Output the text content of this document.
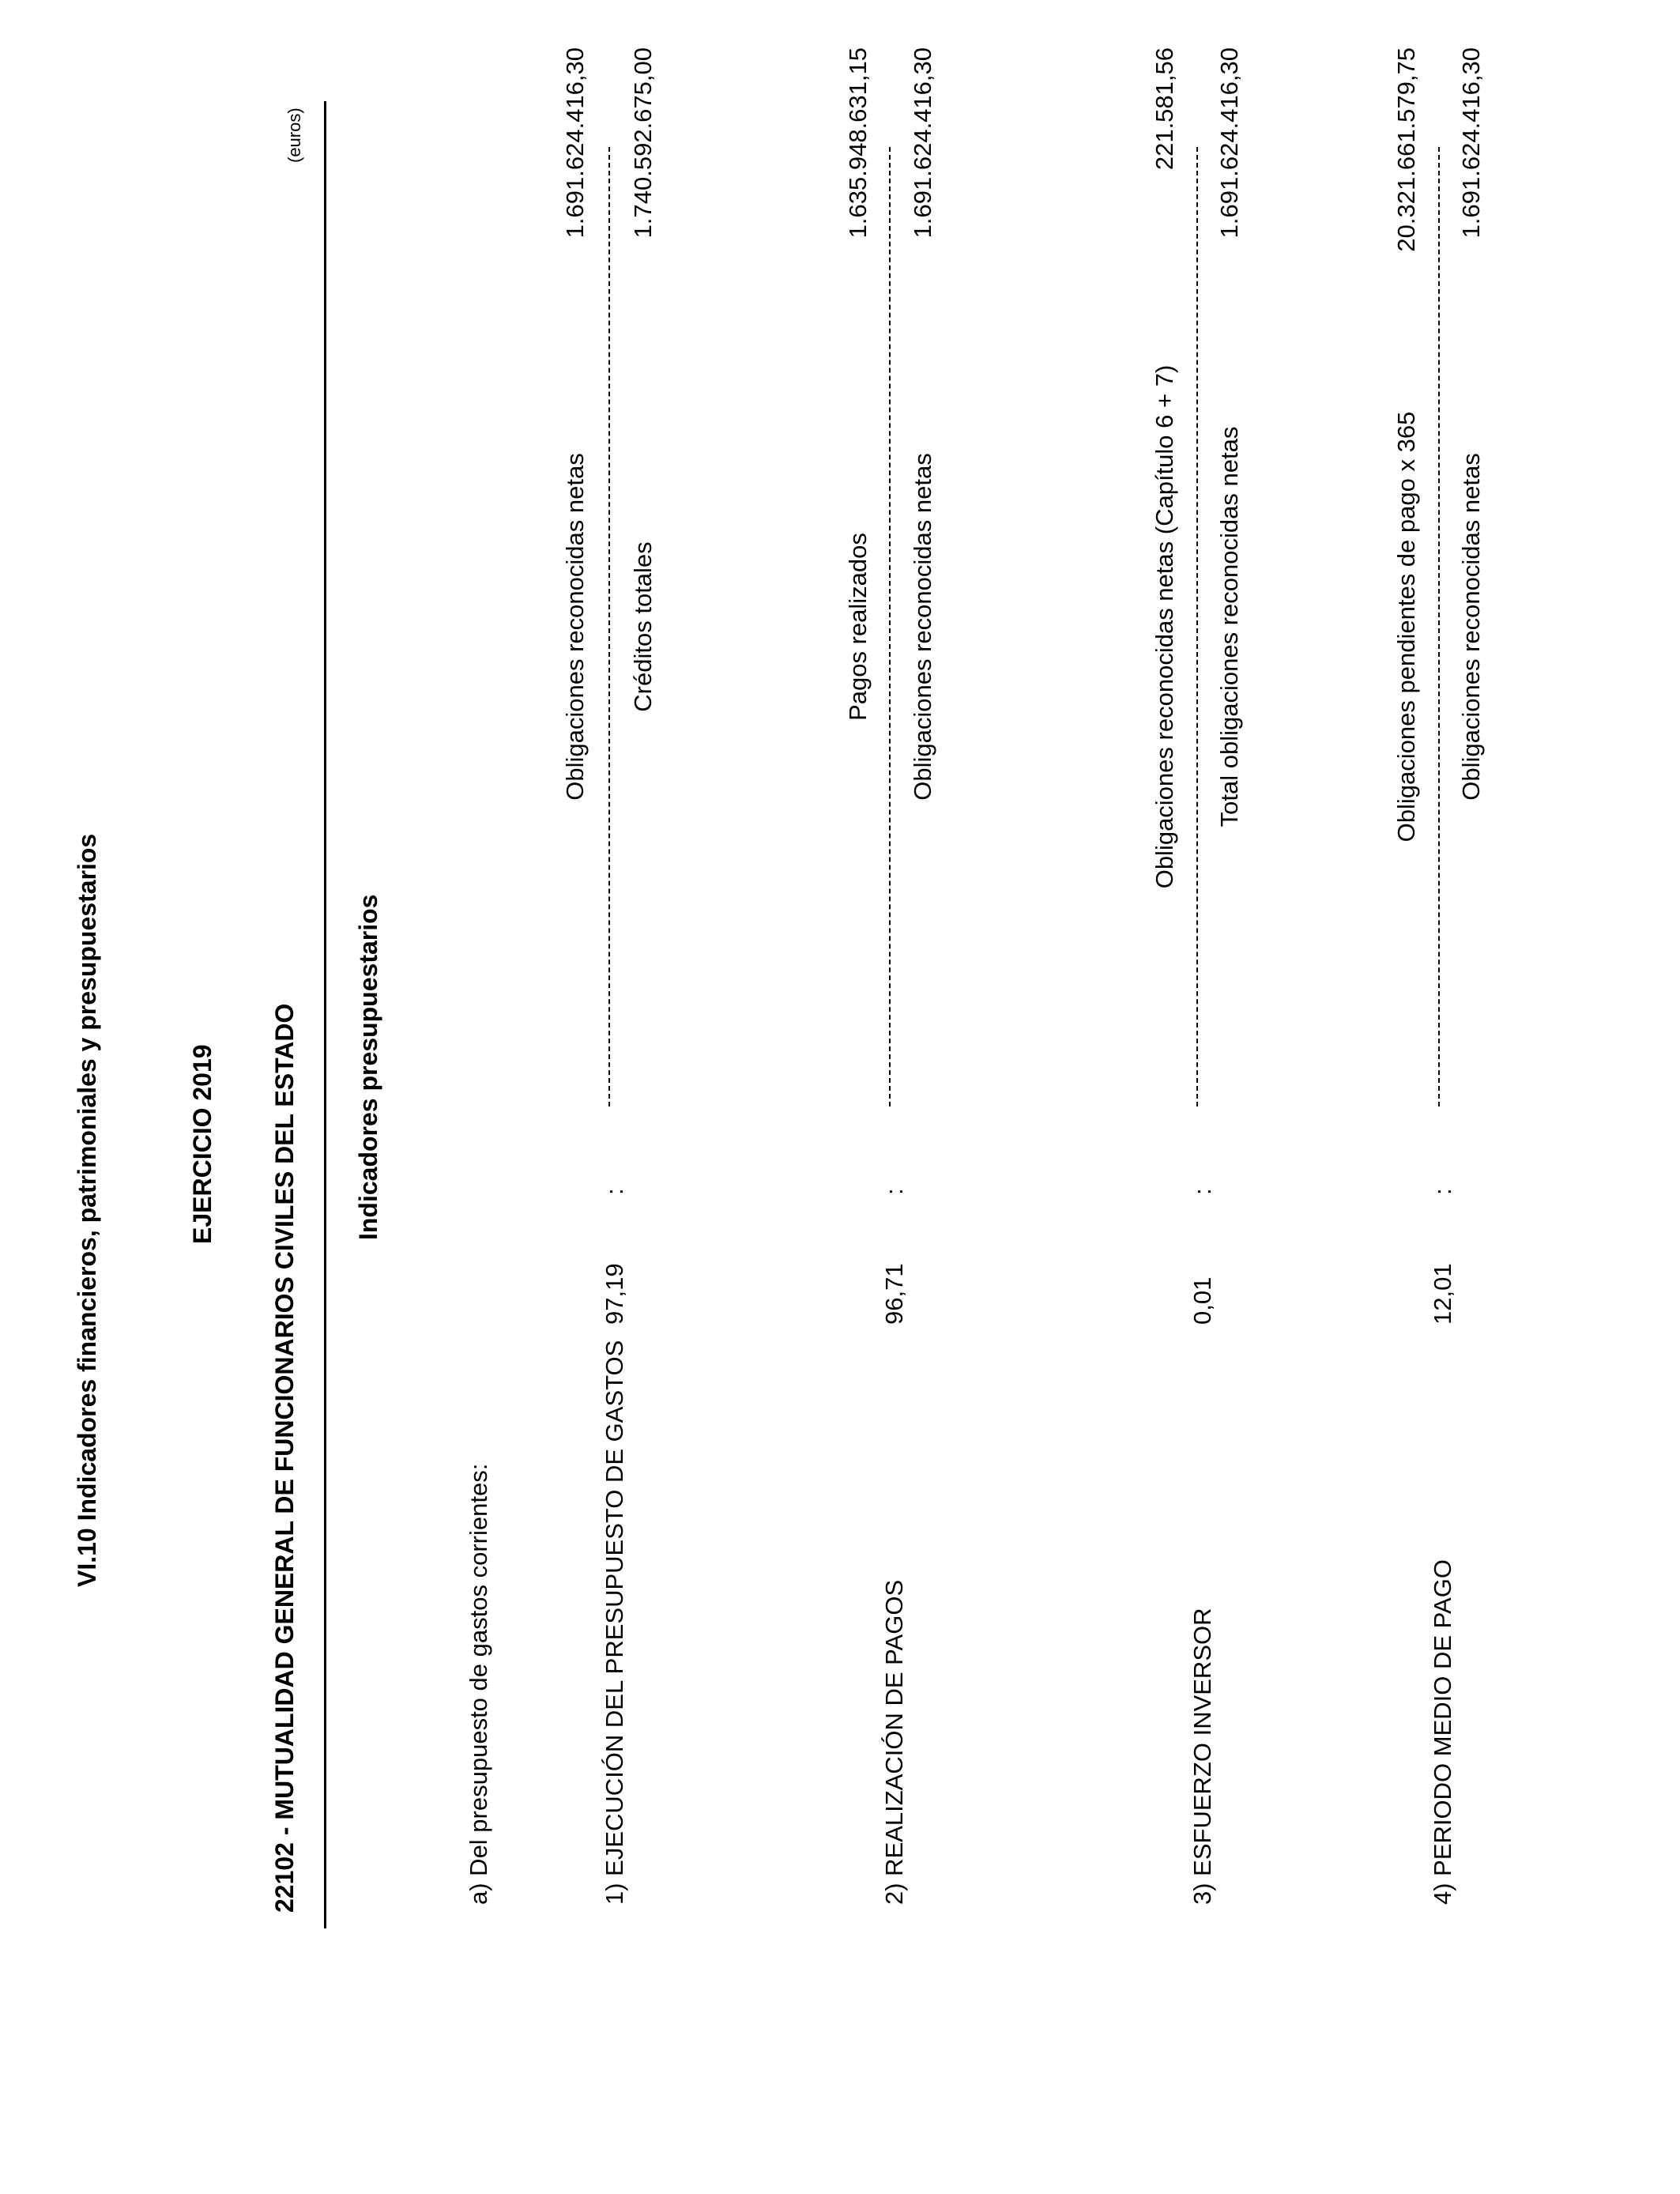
VI.10 Indicadores financieros, patrimoniales y presupuestarios	EJERCICIO 2019 22102 - MUTUALIDAD GENERAL DE FUNCIONARIOS CIVILES DEL ESTADO
(euros)
Indicadores presupuestarios
a) Del presupuesto de gastos corrientes:	1) EJECUCIÓN DEL PRESUPUESTO DE GASTOS
97,19
:
Obligaciones reconocidas netas Créditos totales
1.691.624.416,30 1.740.592.675,00
2) REALIZACIÓN DE PAGOS
96,71
:
Pagos realizados Obligaciones reconocidas netas
1.635.948.631,15 1.691.624.416,30
3) ESFUERZO INVERSOR
0,01
:
Obligaciones reconocidas netas (Capítulo 6 + 7) Total obligaciones reconocidas netas
221.581,56 1.691.624.416,30
4) PERIODO MEDIO DE PAGO
12,01
:
Obligaciones pendientes de pago x 365 Obligaciones reconocidas netas
20.321.661.579,75 1.691.624.416,30
